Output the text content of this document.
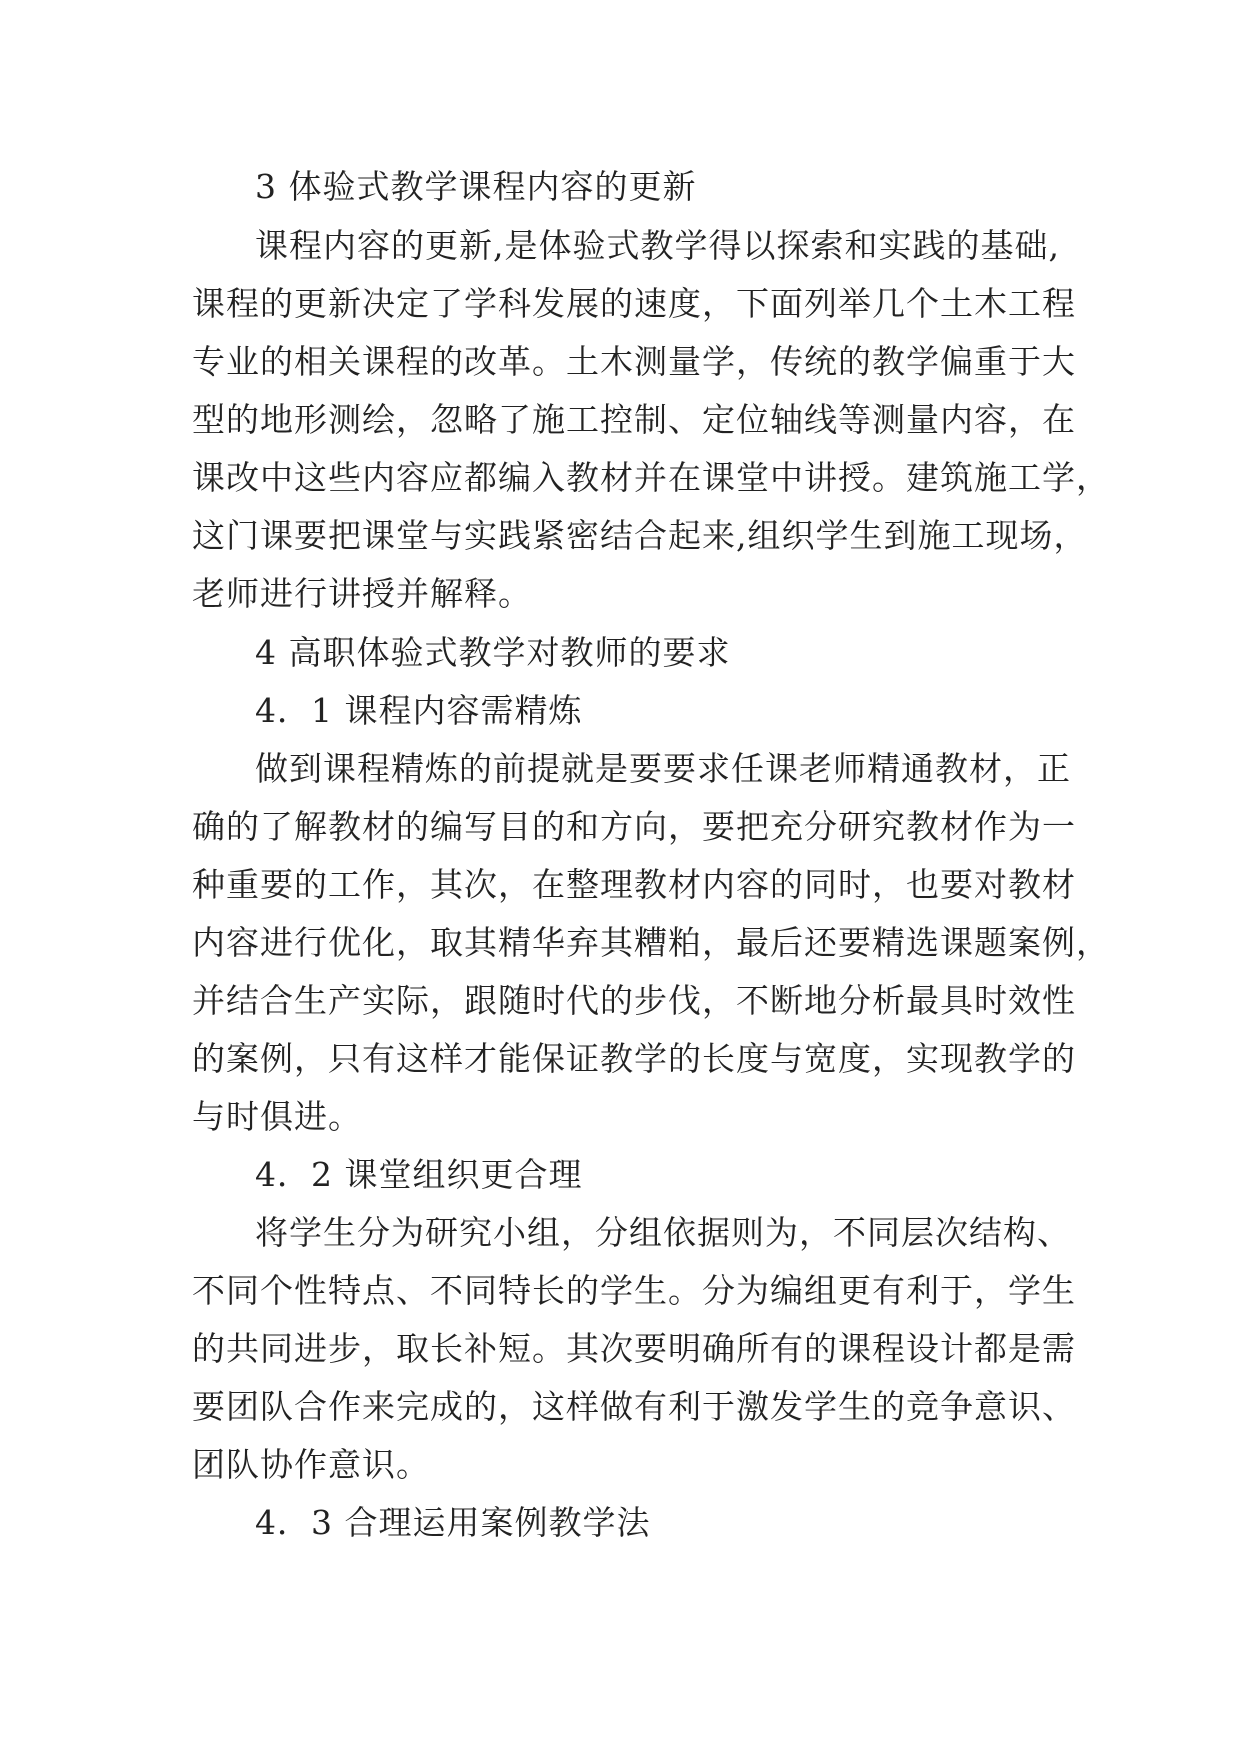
3 体验式教学课程内容的更新
课程内容的更新,是体验式教学得以探索和实践的基础,
课程的更新决定了学科发展的速度，下面列举几个土木工程
专业的相关课程的改革。土木测量学，传统的教学偏重于大
型的地形测绘，忽略了施工控制、定位轴线等测量内容，在
课改中这些内容应都编入教材并在课堂中讲授。建筑施工学，
这门课要把课堂与实践紧密结合起来,组织学生到施工现场，
老师进行讲授并解释。
4 高职体验式教学对教师的要求
4．1 课程内容需精炼
做到课程精炼的前提就是要要求任课老师精通教材，正
确的了解教材的编写目的和方向，要把充分研究教材作为一
种重要的工作，其次，在整理教材内容的同时，也要对教材
内容进行优化，取其精华弃其糟粕，最后还要精选课题案例，
并结合生产实际，跟随时代的步伐，不断地分析最具时效性
的案例，只有这样才能保证教学的长度与宽度，实现教学的
与时俱进。
4．2 课堂组织更合理
将学生分为研究小组，分组依据则为，不同层次结构、
不同个性特点、不同特长的学生。分为编组更有利于，学生
的共同进步，取长补短。其次要明确所有的课程设计都是需
要团队合作来完成的，这样做有利于激发学生的竞争意识、
团队协作意识。
4．3 合理运用案例教学法
